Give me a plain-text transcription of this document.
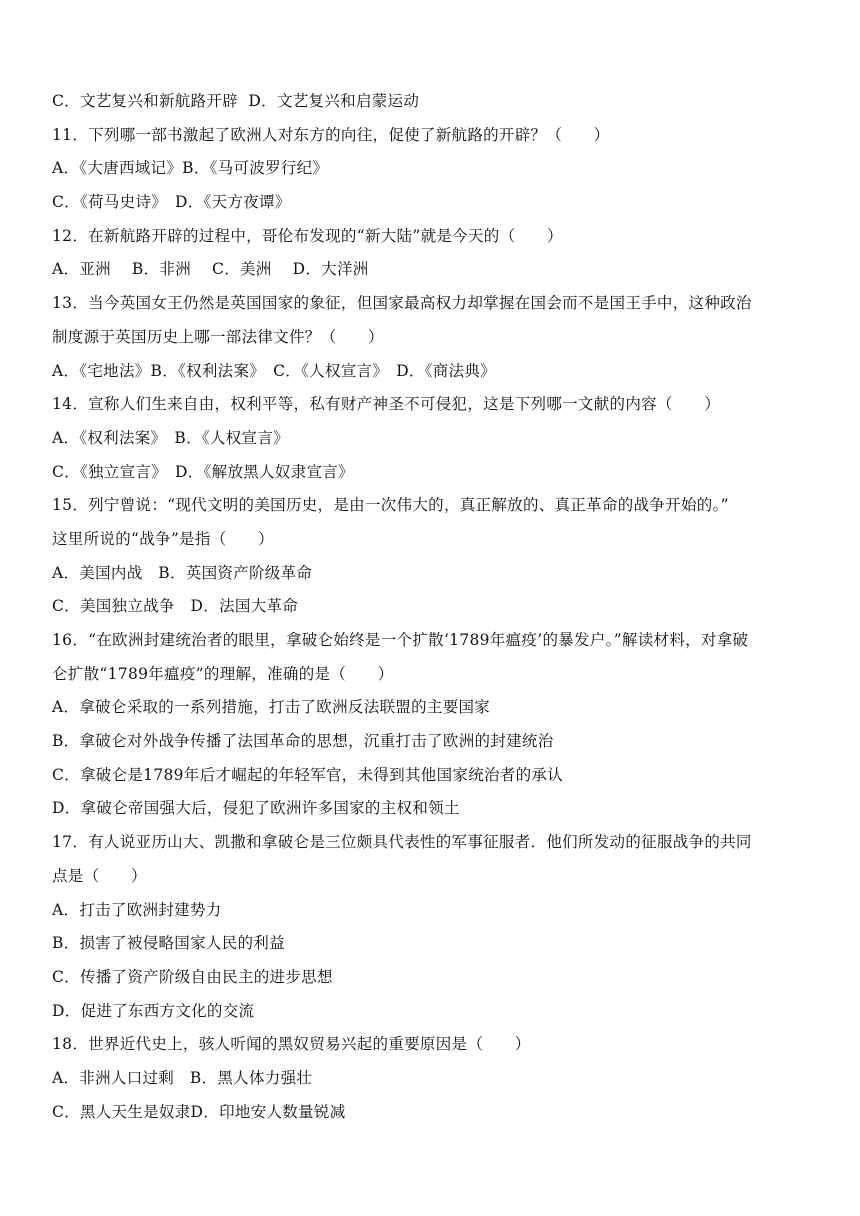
C．文艺复兴和新航路开辟  D．文艺复兴和启蒙运动
11．下列哪一部书激起了欧洲人对东方的向往，促使了新航路的开辟？（　　）
A．《大唐西域记》B．《马可波罗行纪》
C．《荷马史诗》　D．《天方夜谭》
12．在新航路开辟的过程中，哥伦布发现的“新大陆”就是今天的（　　）
A．亚洲　 B．非洲　 C．美洲　 D．大洋洲
13．当今英国女王仍然是英国国家的象征，但国家最高权力却掌握在国会而不是国王手中，这种政治
制度源于英国历史上哪一部法律文件？（　　）
A．《宅地法》B．《权利法案》　C．《人权宣言》　D．《商法典》
14．宣称人们生来自由，权利平等，私有财产神圣不可侵犯，这是下列哪一文献的内容（　　）
A．《权利法案》　B．《人权宣言》
C．《独立宣言》　D．《解放黑人奴隶宣言》
15．列宁曾说：“现代文明的美国历史，是由一次伟大的，真正解放的、真正革命的战争开始的。”
这里所说的“战争”是指（　　）
A．美国内战　B．英国资产阶级革命
C．美国独立战争　D．法国大革命
16．“在欧洲封建统治者的眼里，拿破仑始终是一个扩散‘1789年瘟疫’的暴发户。”解读材料，对拿破
仑扩散“1789年瘟疫”的理解，准确的是（　　）
A．拿破仑采取的一系列措施，打击了欧洲反法联盟的主要国家
B．拿破仑对外战争传播了法国革命的思想，沉重打击了欧洲的封建统治
C．拿破仑是1789年后才崛起的年轻军官，未得到其他国家统治者的承认
D．拿破仑帝国强大后，侵犯了欧洲许多国家的主权和领土
17．有人说亚历山大、凯撒和拿破仑是三位颇具代表性的军事征服者．他们所发动的征服战争的共同
点是（　　）
A．打击了欧洲封建势力
B．损害了被侵略国家人民的利益
C．传播了资产阶级自由民主的进步思想
D．促进了东西方文化的交流
18．世界近代史上，骇人听闻的黑奴贸易兴起的重要原因是（　　）
A．非洲人口过剩　B．黑人体力强壮
C．黑人天生是奴隶D．印地安人数量锐减
